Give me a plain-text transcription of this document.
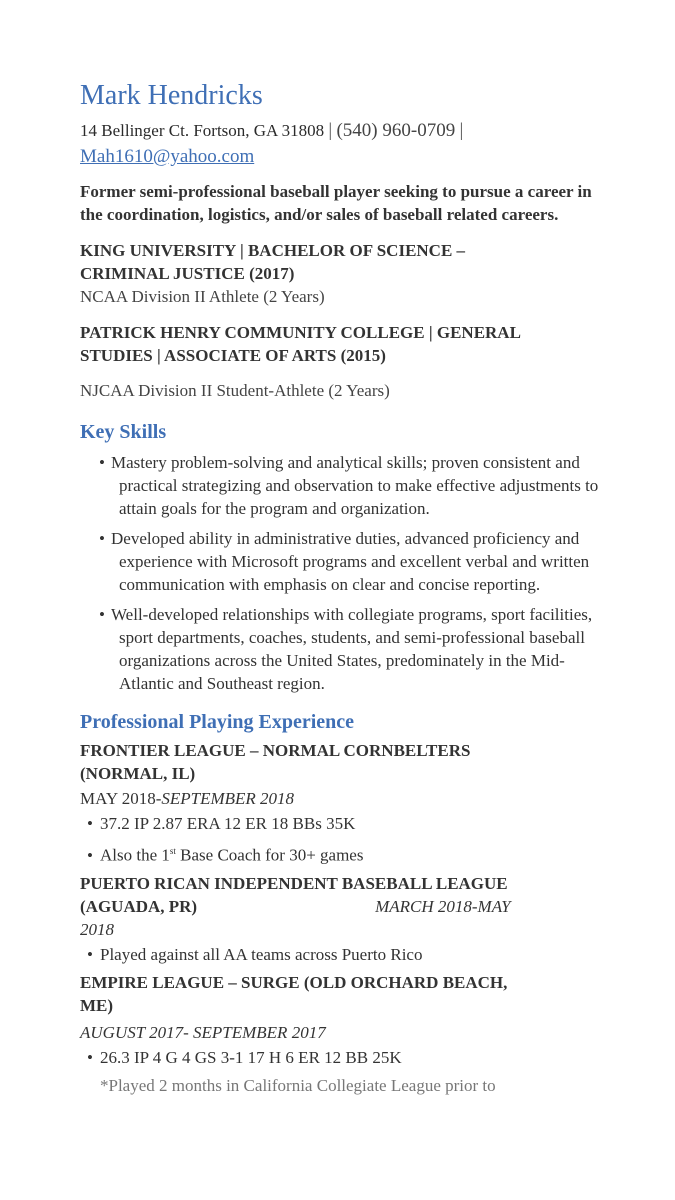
Mark Hendricks
14 Bellinger Ct. Fortson, GA 31808 | (540) 960-0709 |
Mah1610@yahoo.com
Former semi-professional baseball player seeking to pursue a career in the coordination, logistics, and/or sales of baseball related careers.
KING UNIVERSITY | BACHELOR OF SCIENCE –
CRIMINAL JUSTICE (2017)
NCAA Division II Athlete (2 Years)
PATRICK HENRY COMMUNITY COLLEGE | GENERAL
STUDIES | ASSOCIATE OF ARTS (2015)
NJCAA Division II Student-Athlete (2 Years)
Key Skills
• Mastery problem-solving and analytical skills; proven consistent and practical strategizing and observation to make effective adjustments to attain goals for the program and organization.
• Developed ability in administrative duties, advanced proficiency and experience with Microsoft programs and excellent verbal and written communication with emphasis on clear and concise reporting.
• Well-developed relationships with collegiate programs, sport facilities, sport departments, coaches, students, and semi-professional baseball organizations across the United States, predominately in the Mid-Atlantic and Southeast region.
Professional Playing Experience
FRONTIER LEAGUE – NORMAL CORNBELTERS
(NORMAL, IL)
MAY 2018-SEPTEMBER 2018
• 37.2 IP 2.87 ERA 12 ER 18 BBs 35K
• Also the 1st Base Coach for 30+ games
PUERTO RICAN INDEPENDENT BASEBALL LEAGUE
(AGUADA, PR)	MARCH 2018-MAY
2018
• Played against all AA teams across Puerto Rico
EMPIRE LEAGUE – SURGE (OLD ORCHARD BEACH,
ME)
AUGUST 2017- SEPTEMBER 2017
• 26.3 IP 4 G 4 GS 3-1 17 H 6 ER 12 BB 25K
*Played 2 months in California Collegiate League prior to
